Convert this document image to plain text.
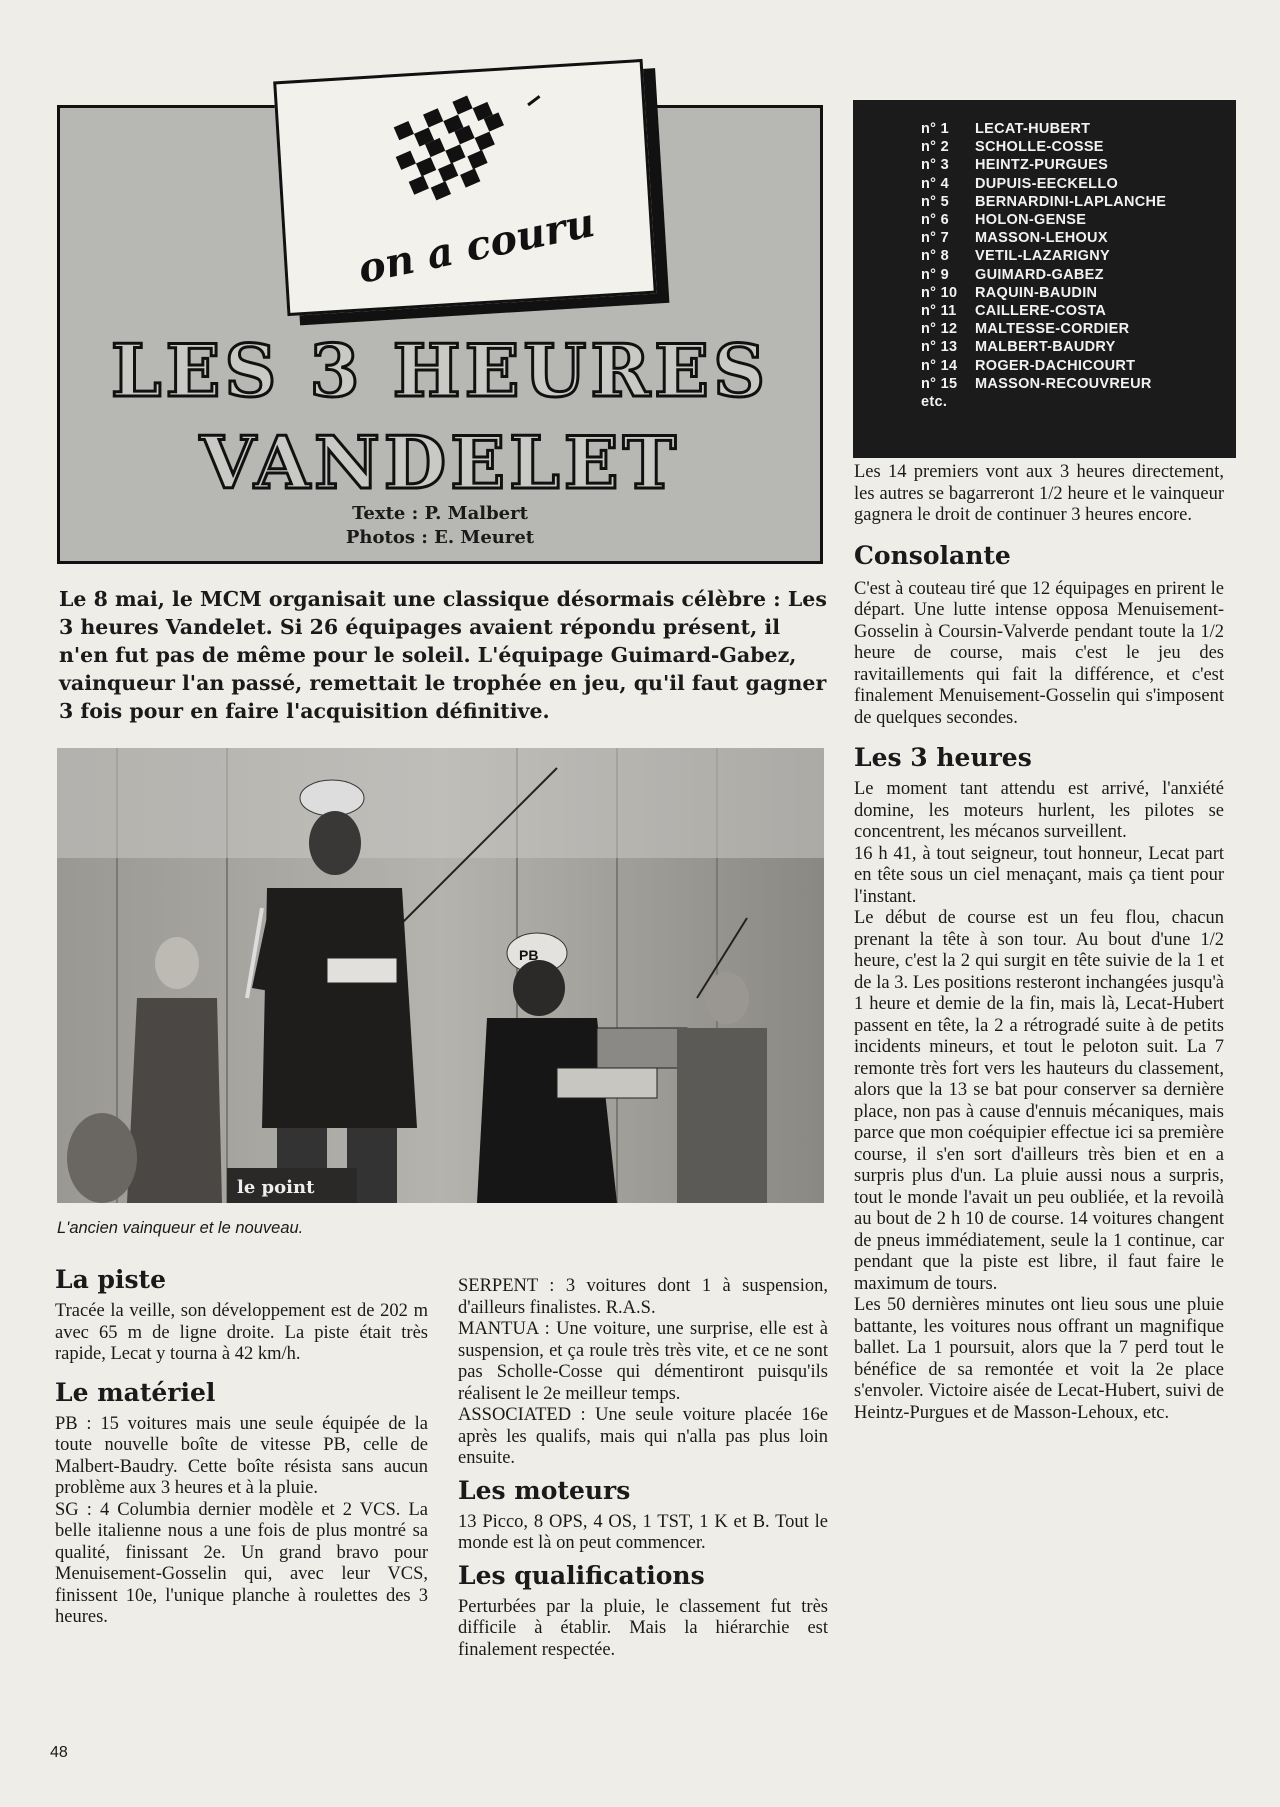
on a couru
LES 3 HEURES
VANDELET
Texte : P. Malbert
Photos : E. Meuret
n° 1 LECAT-HUBERT
n° 2 SCHOLLE-COSSE
n° 3 HEINTZ-PURGUES
n° 4 DUPUIS-EECKELLO
n° 5 BERNARDINI-LAPLANCHE
n° 6 HOLON-GENSE
n° 7 MASSON-LEHOUX
n° 8 VETIL-LAZARIGNY
n° 9 GUIMARD-GABEZ
n° 10 RAQUIN-BAUDIN
n° 11 CAILLERE-COSTA
n° 12 MALTESSE-CORDIER
n° 13 MALBERT-BAUDRY
n° 14 ROGER-DACHICOURT
n° 15 MASSON-RECOUVREUR
etc.

Le 8 mai, le MCM organisait une classique désormais célèbre : Les 3 heures Vandelet. Si 26 équipages avaient répondu présent, il n'en fut pas de même pour le soleil. L'équipage Guimard-Gabez, vainqueur l'an passé, remettait le trophée en jeu, qu'il faut gagner 3 fois pour en faire l'acquisition définitive.

PB
le point
L'ancien vainqueur et le nouveau.
La piste

Tracée la veille, son développement est de 202 m avec 65 m de ligne droite. La piste était très rapide, Lecat y tourna à 42 km/h.

Le matériel

PB : 15 voitures mais une seule équipée de la toute nouvelle boîte de vitesse PB, celle de Malbert-Baudry. Cette boîte résista sans aucun problème aux 3 heures et à la pluie.

SG : 4 Columbia dernier modèle et 2 VCS. La belle italienne nous a une fois de plus montré sa qualité, finissant 2e. Un grand bravo pour Menuisement-Gosselin qui, avec leur VCS, finissent 10e, l'unique planche à roulettes des 3 heures.

SERPENT : 3 voitures dont 1 à suspension, d'ailleurs finalistes. R.A.S.

MANTUA : Une voiture, une surprise, elle est à suspension, et ça roule très très vite, et ce ne sont pas Scholle-Cosse qui démentiront puisqu'ils réalisent le 2e meilleur temps.

ASSOCIATED : Une seule voiture placée 16e après les qualifs, mais qui n'alla pas plus loin ensuite.

Les moteurs

13 Picco, 8 OPS, 4 OS, 1 TST, 1 K et B. Tout le monde est là on peut commencer.

Les qualifications

Perturbées par la pluie, le classement fut très difficile à établir. Mais la hiérarchie est finalement respectée.

Les 14 premiers vont aux 3 heures directement, les autres se bagarreront 1/2 heure et le vainqueur gagnera le droit de continuer 3 heures encore.

Consolante

C'est à couteau tiré que 12 équipages en prirent le départ. Une lutte intense opposa Menuisement-Gosselin à Coursin-Valverde pendant toute la 1/2 heure de course, mais c'est le jeu des ravitaillements qui fait la différence, et c'est finalement Menuisement-Gosselin qui s'imposent de quelques secondes.

Les 3 heures

Le moment tant attendu est arrivé, l'anxiété domine, les moteurs hurlent, les pilotes se concentrent, les mécanos surveillent.

16 h 41, à tout seigneur, tout honneur, Lecat part en tête sous un ciel menaçant, mais ça tient pour l'instant.

Le début de course est un feu flou, chacun prenant la tête à son tour. Au bout d'une 1/2 heure, c'est la 2 qui surgit en tête suivie de la 1 et de la 3. Les positions resteront inchangées jusqu'à 1 heure et demie de la fin, mais là, Lecat-Hubert passent en tête, la 2 a rétrogradé suite à de petits incidents mineurs, et tout le peloton suit. La 7 remonte très fort vers les hauteurs du classement, alors que la 13 se bat pour conserver sa dernière place, non pas à cause d'ennuis mécaniques, mais parce que mon coéquipier effectue ici sa première course, il s'en sort d'ailleurs très bien et en a surpris plus d'un. La pluie aussi nous a surpris, tout le monde l'avait un peu oubliée, et la revoilà au bout de 2 h 10 de course. 14 voitures changent de pneus immédiatement, seule la 1 continue, car pendant que la piste est libre, il faut faire le maximum de tours.

Les 50 dernières minutes ont lieu sous une pluie battante, les voitures nous offrant un magnifique ballet. La 1 poursuit, alors que la 7 perd tout le bénéfice de sa remontée et voit la 2e place s'envoler. Victoire aisée de Lecat-Hubert, suivi de Heintz-Purgues et de Masson-Lehoux, etc.

48
